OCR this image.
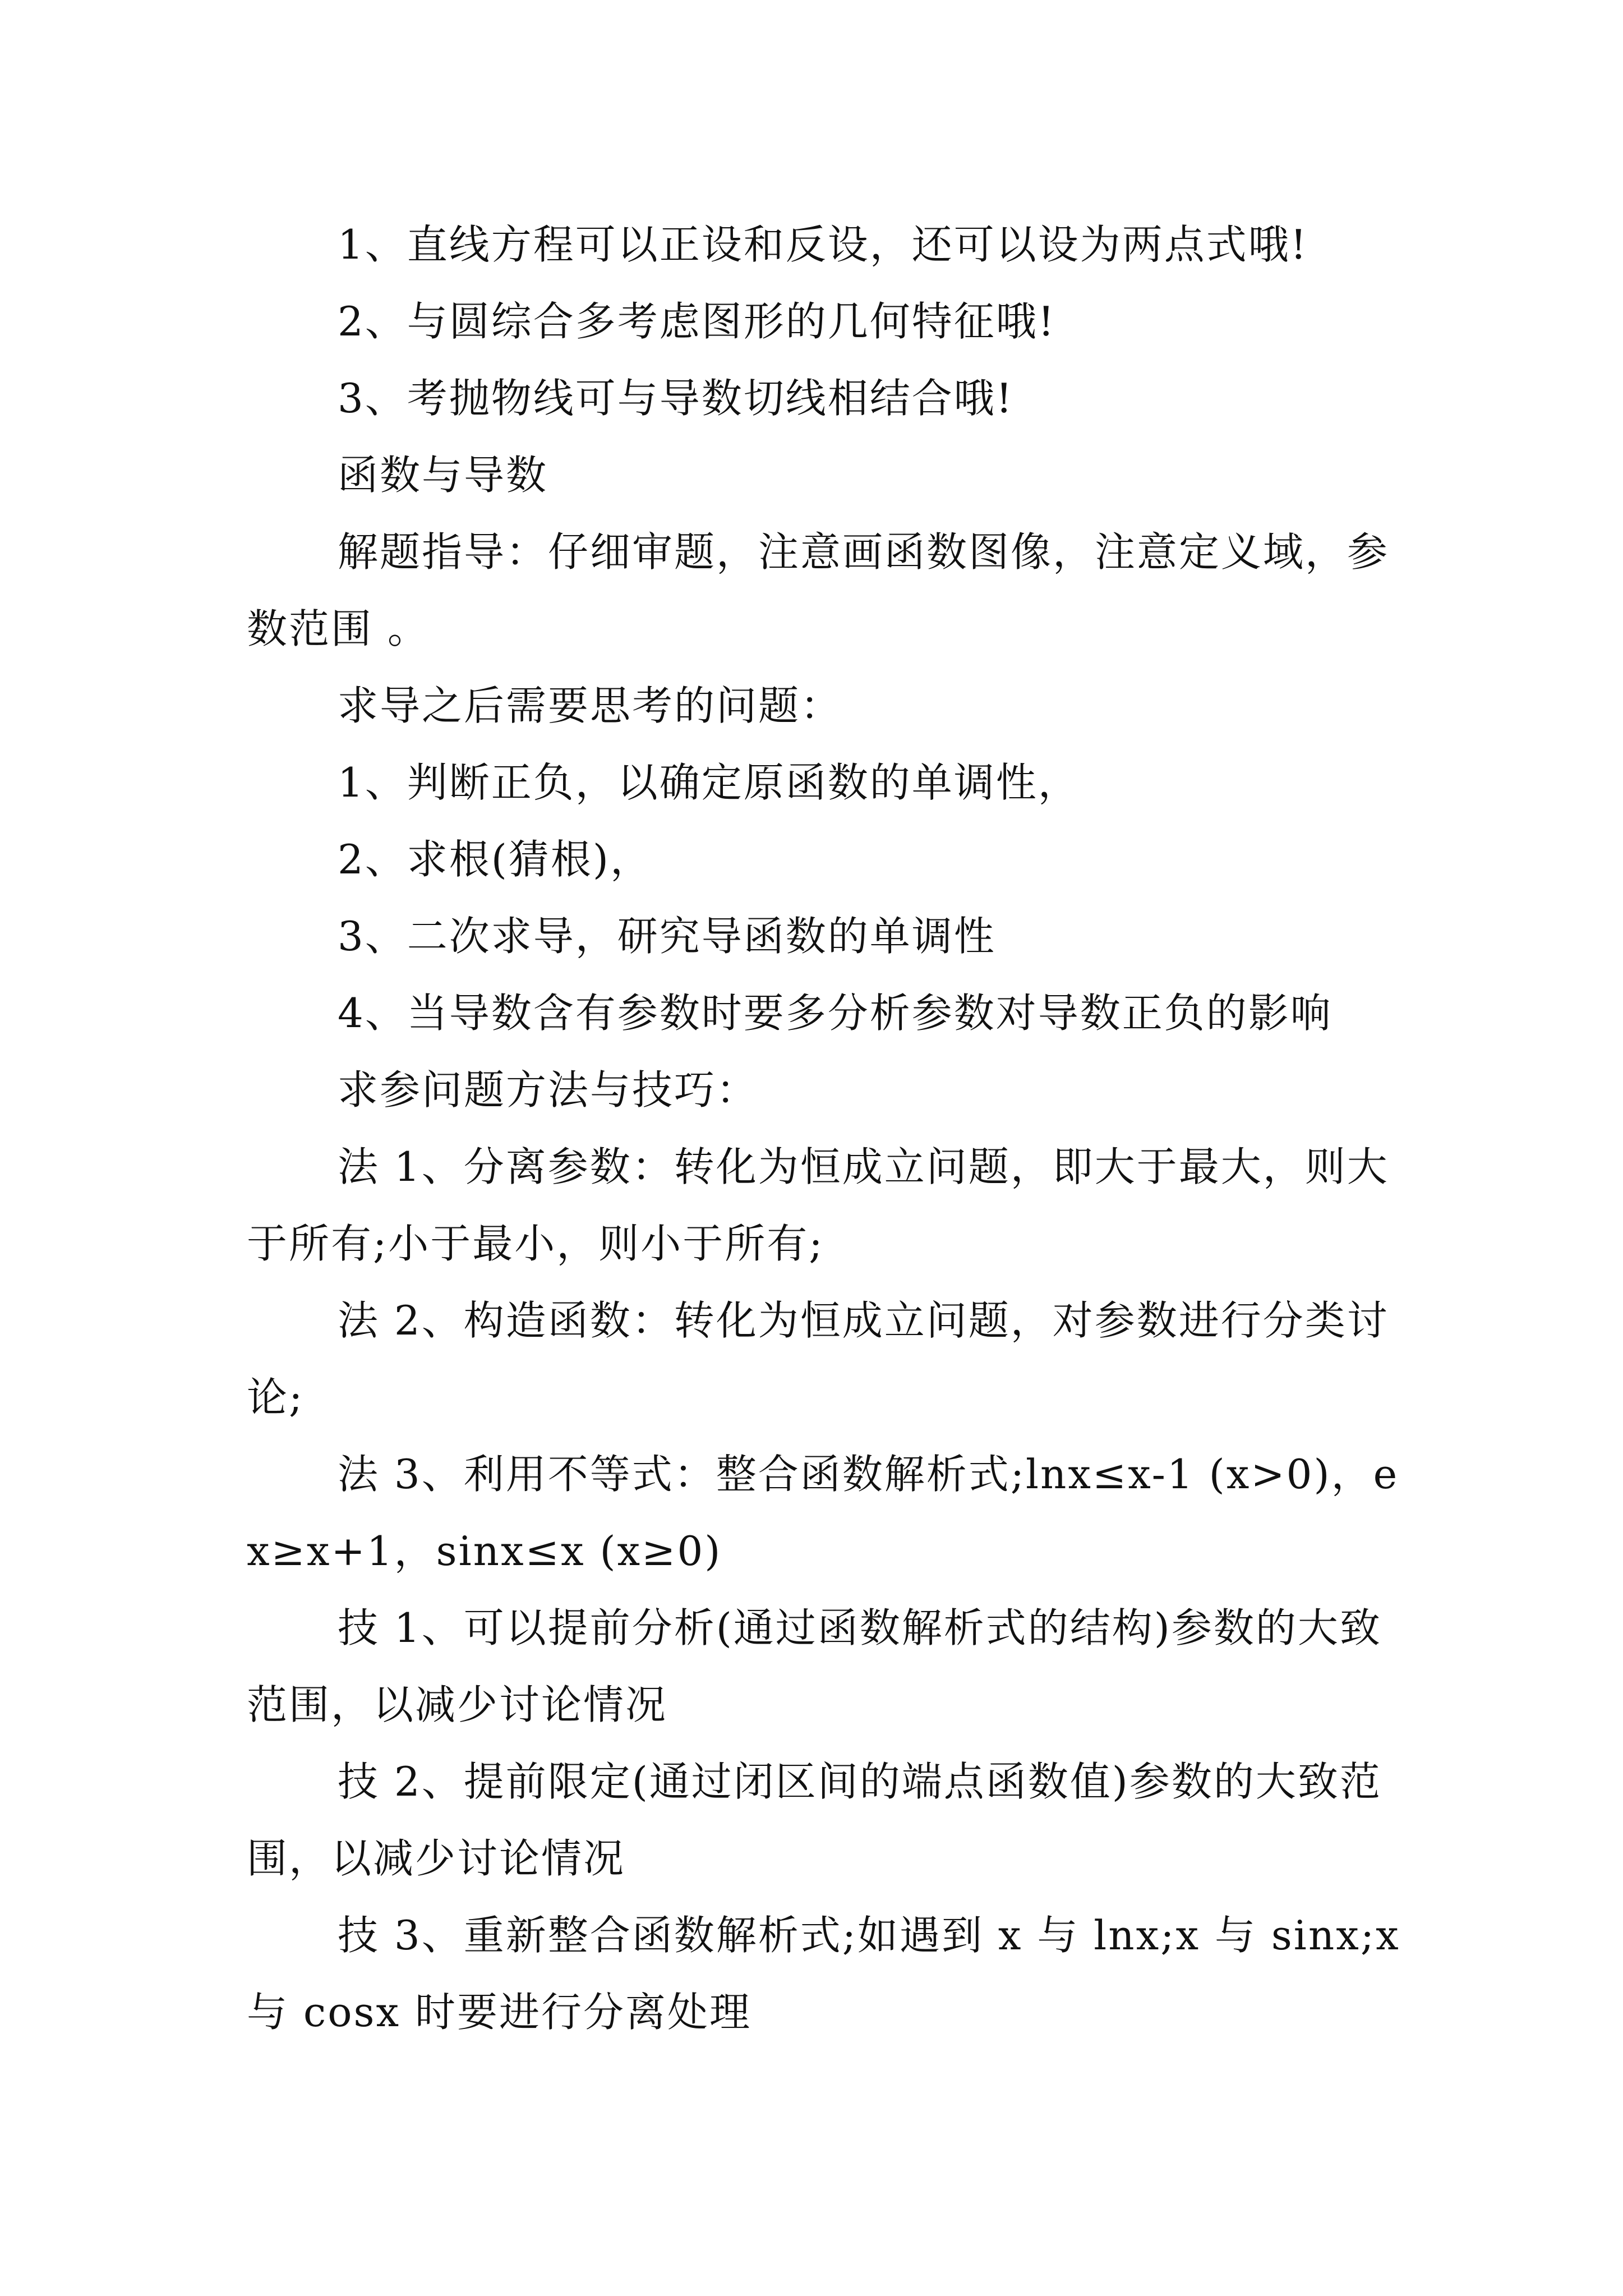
1、直线方程可以正设和反设，还可以设为两点式哦!

2、与圆综合多考虑图形的几何特征哦!

3、考抛物线可与导数切线相结合哦!

函数与导数

解题指导：仔细审题，注意画函数图像，注意定义域，参数范围 。

求导之后需要思考的问题：

1、判断正负，以确定原函数的单调性，

2、求根(猜根)，

3、二次求导，研究导函数的单调性

4、当导数含有参数时要多分析参数对导数正负的影响

求参问题方法与技巧：

法 1、分离参数：转化为恒成立问题，即大于最大，则大于所有;小于最小，则小于所有;

法 2、构造函数：转化为恒成立问题，对参数进行分类讨论;

法 3、利用不等式：整合函数解析式;lnx≤x-1 (x>0)，ex≥x+1，sinx≤x (x≥0)

技 1、可以提前分析(通过函数解析式的结构)参数的大致范围，以减少讨论情况

技 2、提前限定(通过闭区间的端点函数值)参数的大致范围，以减少讨论情况

技 3、重新整合函数解析式;如遇到 x 与 lnx;x 与 sinx;x 与 cosx 时要进行分离处理
